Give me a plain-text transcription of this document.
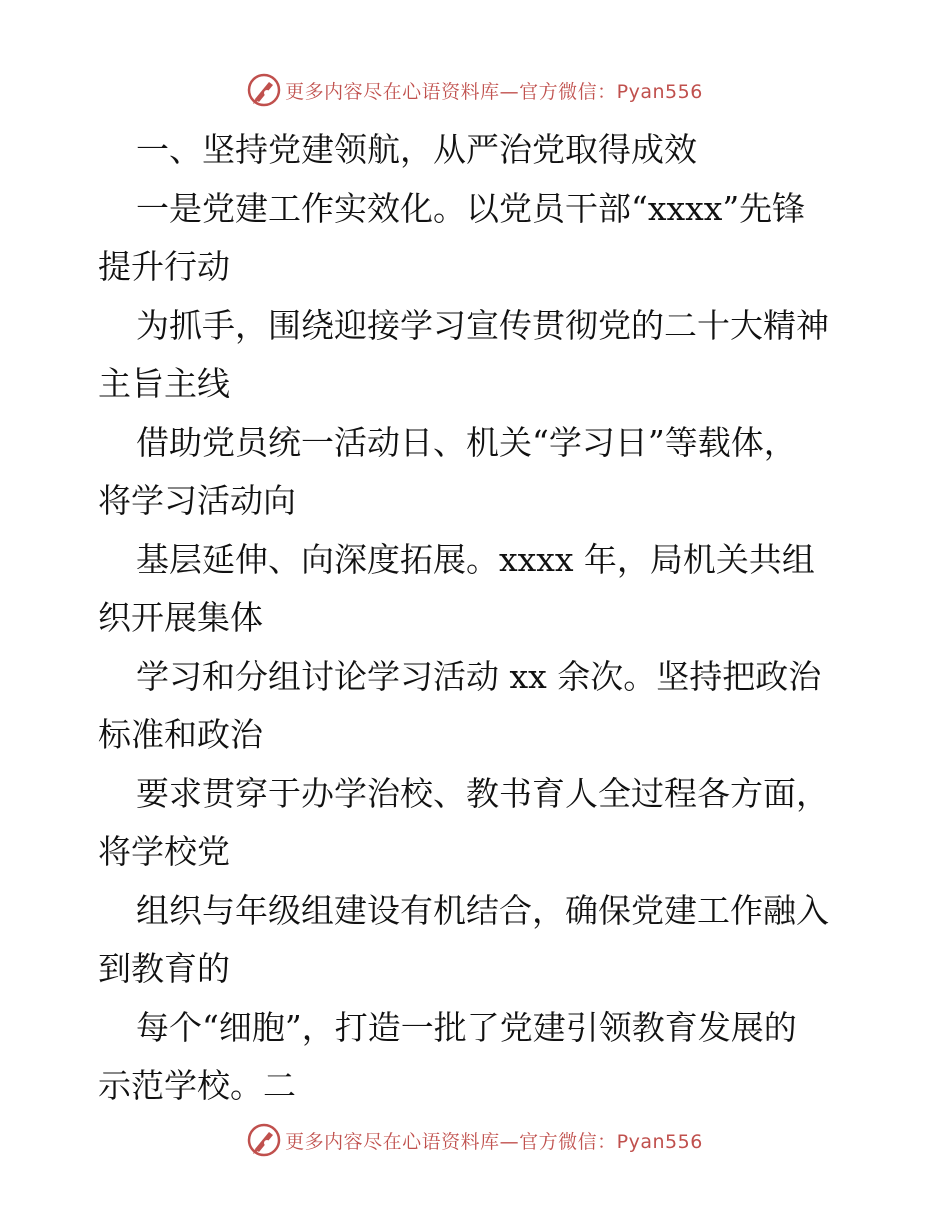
更多内容尽在心语资料库—官方微信：Pyan556
一、坚持党建领航，从严治党取得成效
一是党建工作实效化。以党员干部“xxxx”先锋
提升行动
为抓手，围绕迎接学习宣传贯彻党的二十大精神
主旨主线
借助党员统一活动日、机关“学习日”等载体，
将学习活动向
基层延伸、向深度拓展。xxxx 年，局机关共组
织开展集体
学习和分组讨论学习活动 xx 余次。坚持把政治
标准和政治
要求贯穿于办学治校、教书育人全过程各方面，
将学校党
组织与年级组建设有机结合，确保党建工作融入
到教育的
每个“细胞”，打造一批了党建引领教育发展的
示范学校。二
更多内容尽在心语资料库—官方微信：Pyan556
